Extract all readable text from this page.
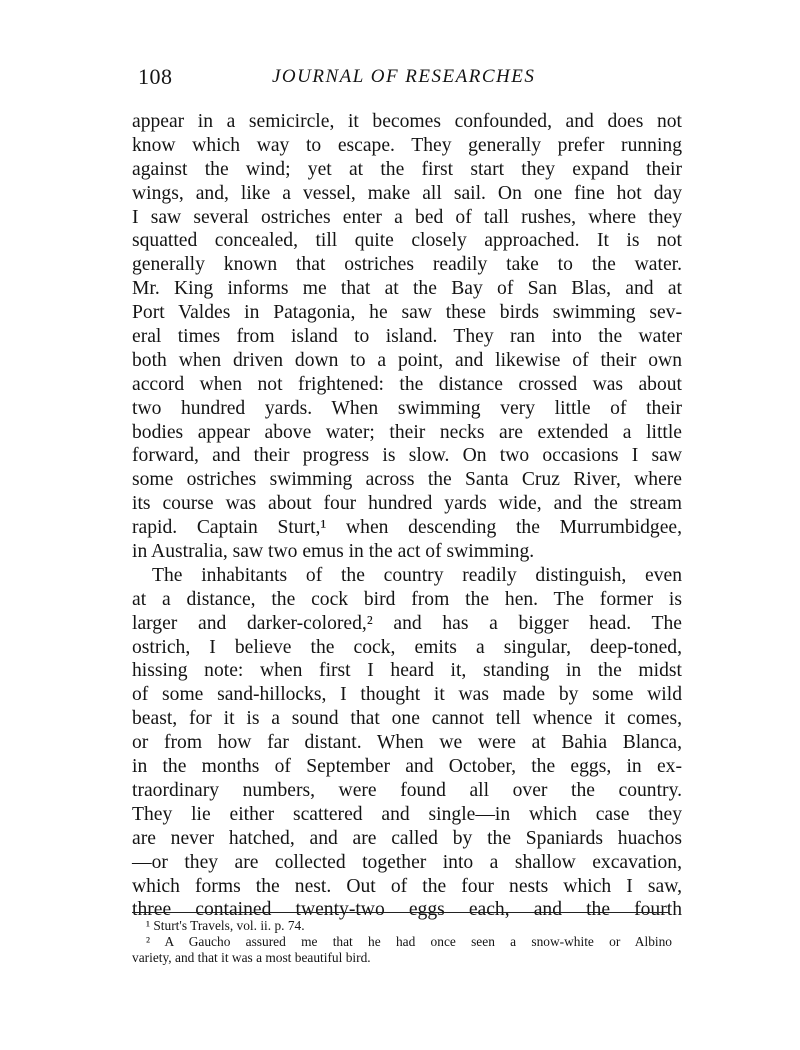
108	JOURNAL OF RESEARCHES
appear in a semicircle, it becomes confounded, and does not
know which way to escape. They generally prefer running
against the wind; yet at the first start they expand their
wings, and, like a vessel, make all sail. On one fine hot day
I saw several ostriches enter a bed of tall rushes, where they
squatted concealed, till quite closely approached. It is not
generally known that ostriches readily take to the water.
Mr. King informs me that at the Bay of San Blas, and at
Port Valdes in Patagonia, he saw these birds swimming sev-
eral times from island to island. They ran into the water
both when driven down to a point, and likewise of their own
accord when not frightened: the distance crossed was about
two hundred yards. When swimming very little of their
bodies appear above water; their necks are extended a little
forward, and their progress is slow. On two occasions I saw
some ostriches swimming across the Santa Cruz River, where
its course was about four hundred yards wide, and the stream
rapid. Captain Sturt,¹ when descending the Murrumbidgee,
in Australia, saw two emus in the act of swimming.
The inhabitants of the country readily distinguish, even
at a distance, the cock bird from the hen. The former is
larger and darker-colored,² and has a bigger head. The
ostrich, I believe the cock, emits a singular, deep-toned,
hissing note: when first I heard it, standing in the midst
of some sand-hillocks, I thought it was made by some wild
beast, for it is a sound that one cannot tell whence it comes,
or from how far distant. When we were at Bahia Blanca,
in the months of September and October, the eggs, in ex-
traordinary numbers, were found all over the country.
They lie either scattered and single—in which case they
are never hatched, and are called by the Spaniards huachos
—or they are collected together into a shallow excavation,
which forms the nest. Out of the four nests which I saw,
three contained twenty-two eggs each, and the fourth
¹ Sturt's Travels, vol. ii. p. 74.
² A Gaucho assured me that he had once seen a snow-white or Albino
variety, and that it was a most beautiful bird.
